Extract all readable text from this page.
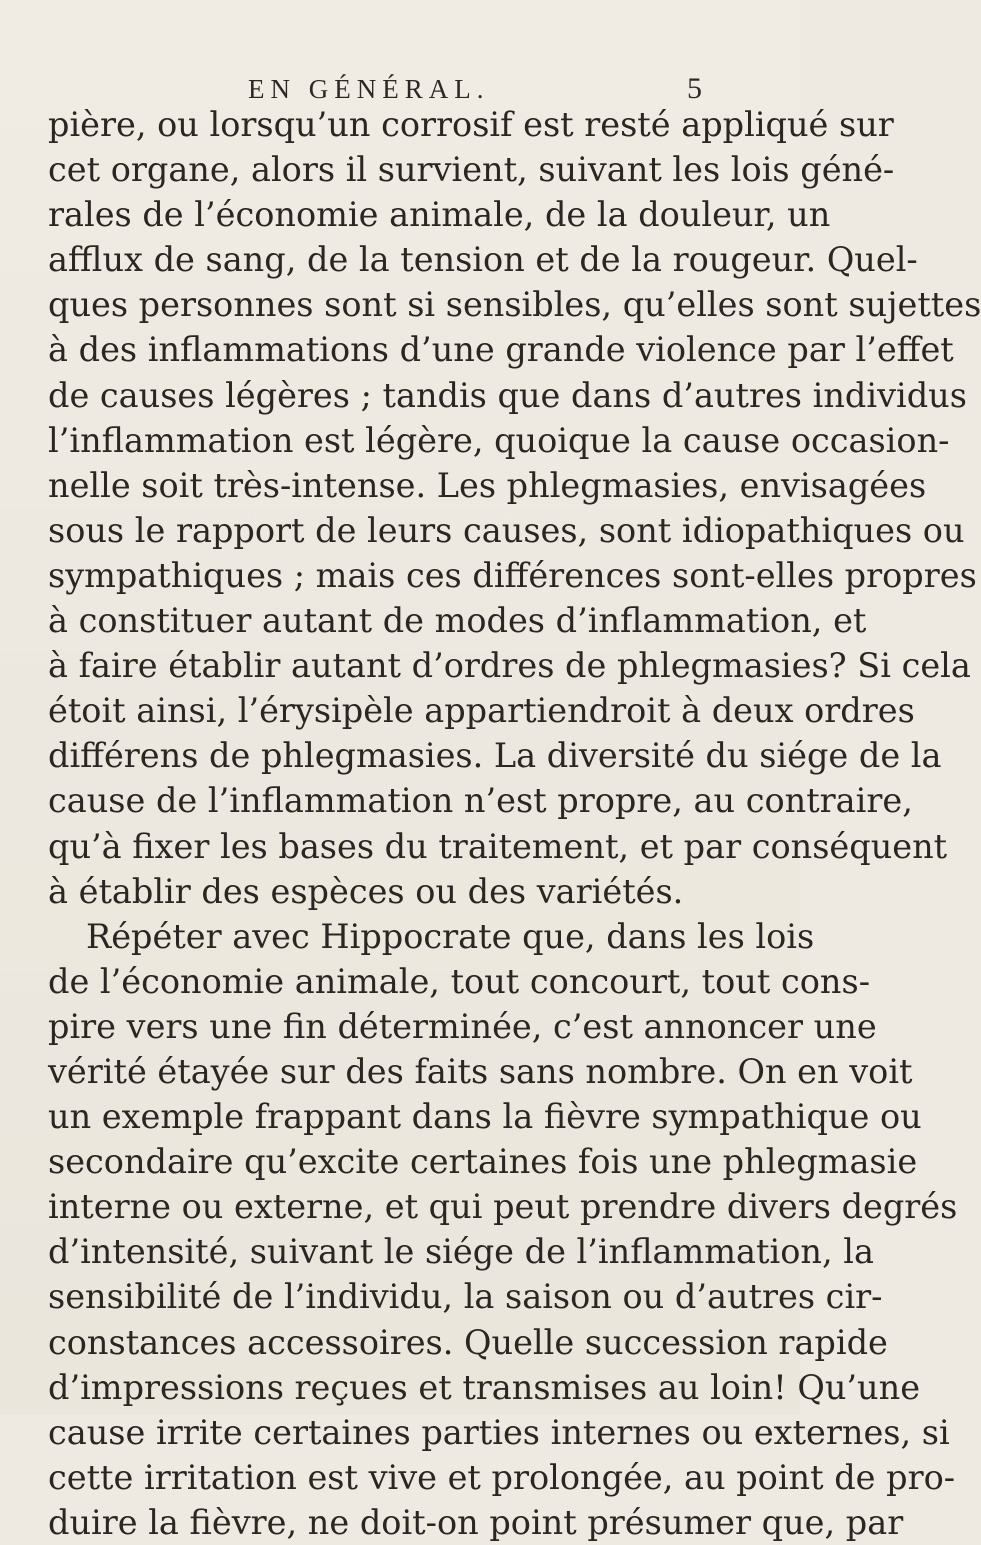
EN GÉNÉRAL.	5
pière, ou lorsqu’un corrosif est resté appliqué sur
cet organe, alors il survient, suivant les lois géné-
rales de l’économie animale, de la douleur, un
afflux de sang, de la tension et de la rougeur. Quel-
ques personnes sont si sensibles, qu’elles sont sujettes
à des inflammations d’une grande violence par l’effet
de causes légères ; tandis que dans d’autres individus
l’inflammation est légère, quoique la cause occasion-
nelle soit très-intense. Les phlegmasies, envisagées
sous le rapport de leurs causes, sont idiopathiques ou
sympathiques ; mais ces différences sont-elles propres
à constituer autant de modes d’inflammation, et
à faire établir autant d’ordres de phlegmasies? Si cela
étoit ainsi, l’érysipèle appartiendroit à deux ordres
différens de phlegmasies. La diversité du siége de la
cause de l’inflammation n’est propre, au contraire,
qu’à fixer les bases du traitement, et par conséquent
à établir des espèces ou des variétés.
Répéter avec Hippocrate que, dans les lois
de l’économie animale, tout concourt, tout cons-
pire vers une fin déterminée, c’est annoncer une
vérité étayée sur des faits sans nombre. On en voit
un exemple frappant dans la fièvre sympathique ou
secondaire qu’excite certaines fois une phlegmasie
interne ou externe, et qui peut prendre divers degrés
d’intensité, suivant le siége de l’inflammation, la
sensibilité de l’individu, la saison ou d’autres cir-
constances accessoires. Quelle succession rapide
d’impressions reçues et transmises au loin! Qu’une
cause irrite certaines parties internes ou externes, si
cette irritation est vive et prolongée, au point de pro-
duire la fièvre, ne doit-on point présumer que, par
